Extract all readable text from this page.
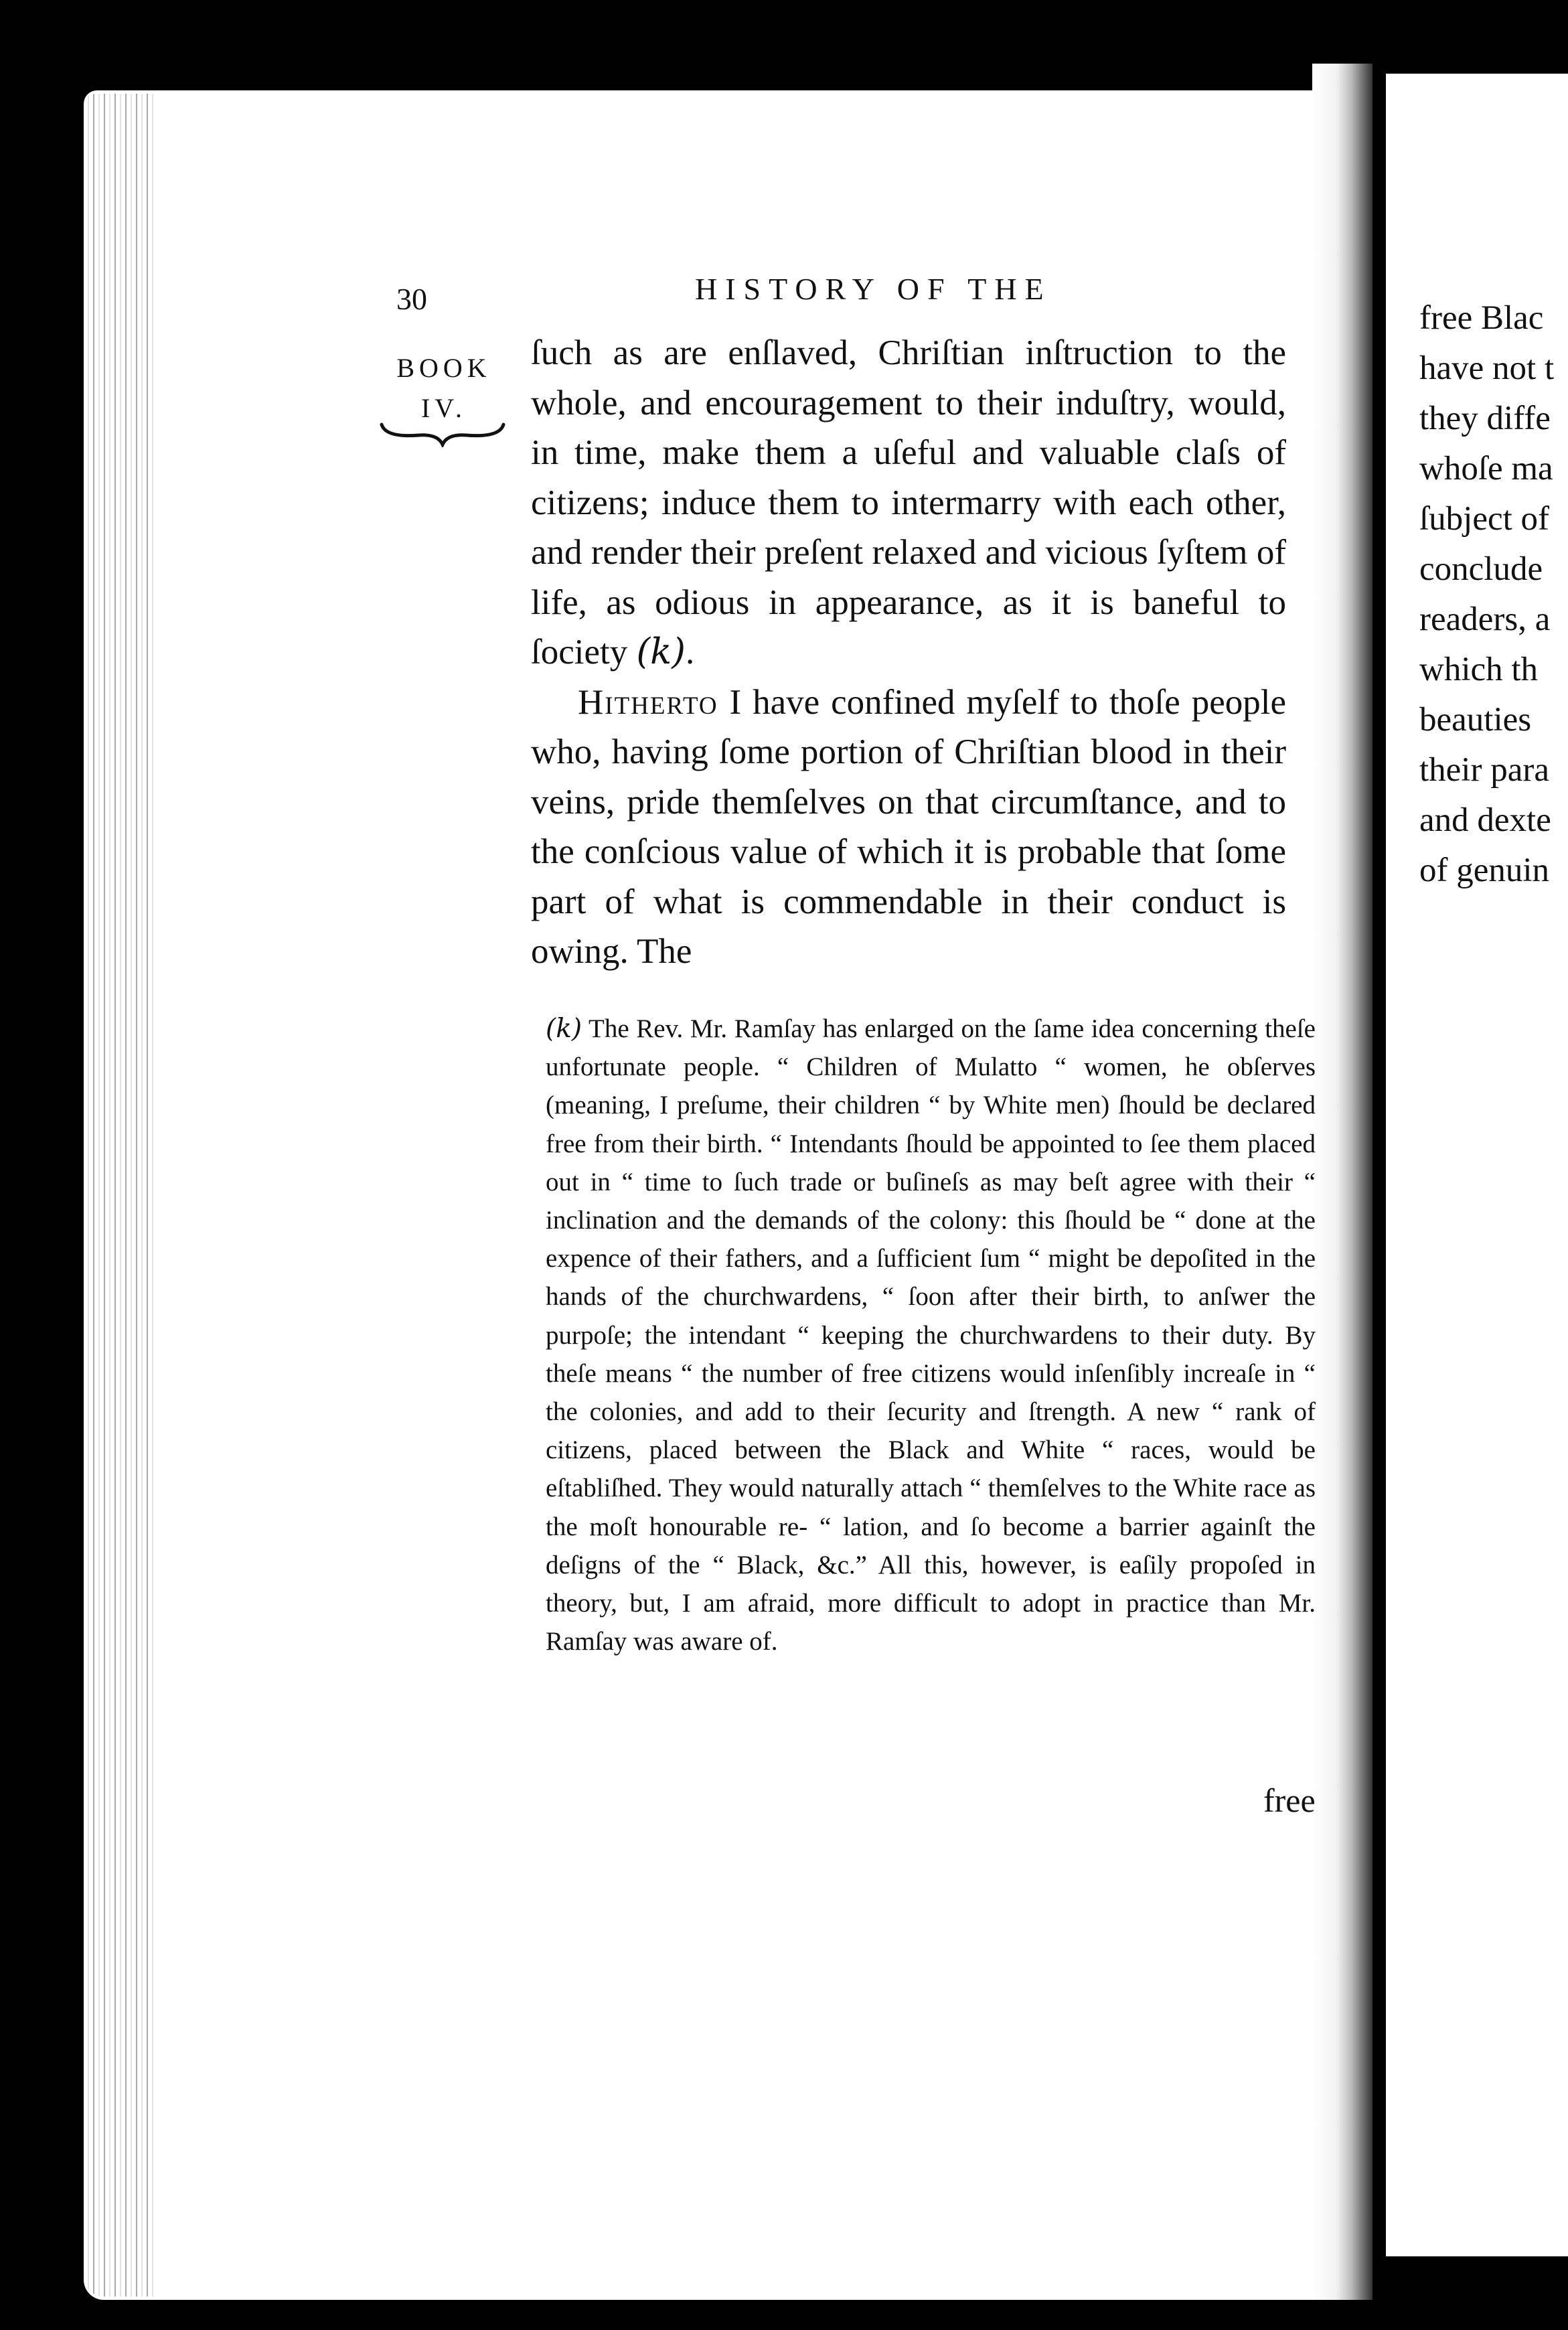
free Blac
have not t
they diffe
whoſe ma
ſubject of
conclude
readers, a
which th
beauties
their para
and dexte
of genuin
30	HISTORY OF THE
BOOK
IV.

ſuch as are enſlaved, Chriſtian inſtruction to the whole, and encouragement to their induſtry, would, in time, make them a uſeful and valuable claſs of citizens; induce them to intermarry with each other, and render their preſent relaxed and vicious ſyſtem of life, as odious in appearance, as it is baneful to ſociety (k).

Hitherto I have confined myſelf to thoſe people who, having ſome portion of Chriſtian blood in their veins, pride themſelves on that circumſtance, and to the conſcious value of which it is probable that ſome part of what is commendable in their conduct is owing. The

(k) The Rev. Mr. Ramſay has enlarged on the ſame idea concerning theſe unfortunate people. “ Children of Mulatto “ women, he obſerves (meaning, I preſume, their children “ by White men) ſhould be declared free from their birth. “ Intendants ſhould be appointed to ſee them placed out in “ time to ſuch trade or buſineſs as may beſt agree with their “ inclination and the demands of the colony: this ſhould be “ done at the expence of their fathers, and a ſufficient ſum “ might be depoſited in the hands of the churchwardens, “ ſoon after their birth, to anſwer the purpoſe; the intendant “ keeping the churchwardens to their duty. By theſe means “ the number of free citizens would inſenſibly increaſe in “ the colonies, and add to their ſecurity and ſtrength. A new “ rank of citizens, placed between the Black and White “ races, would be eſtabliſhed. They would naturally attach “ themſelves to the White race as the moſt honourable re- “ lation, and ſo become a barrier againſt the deſigns of the “ Black, &c.” All this, however, is eaſily propoſed in theory, but, I am afraid, more difficult to adopt in practice than Mr. Ramſay was aware of.

free
